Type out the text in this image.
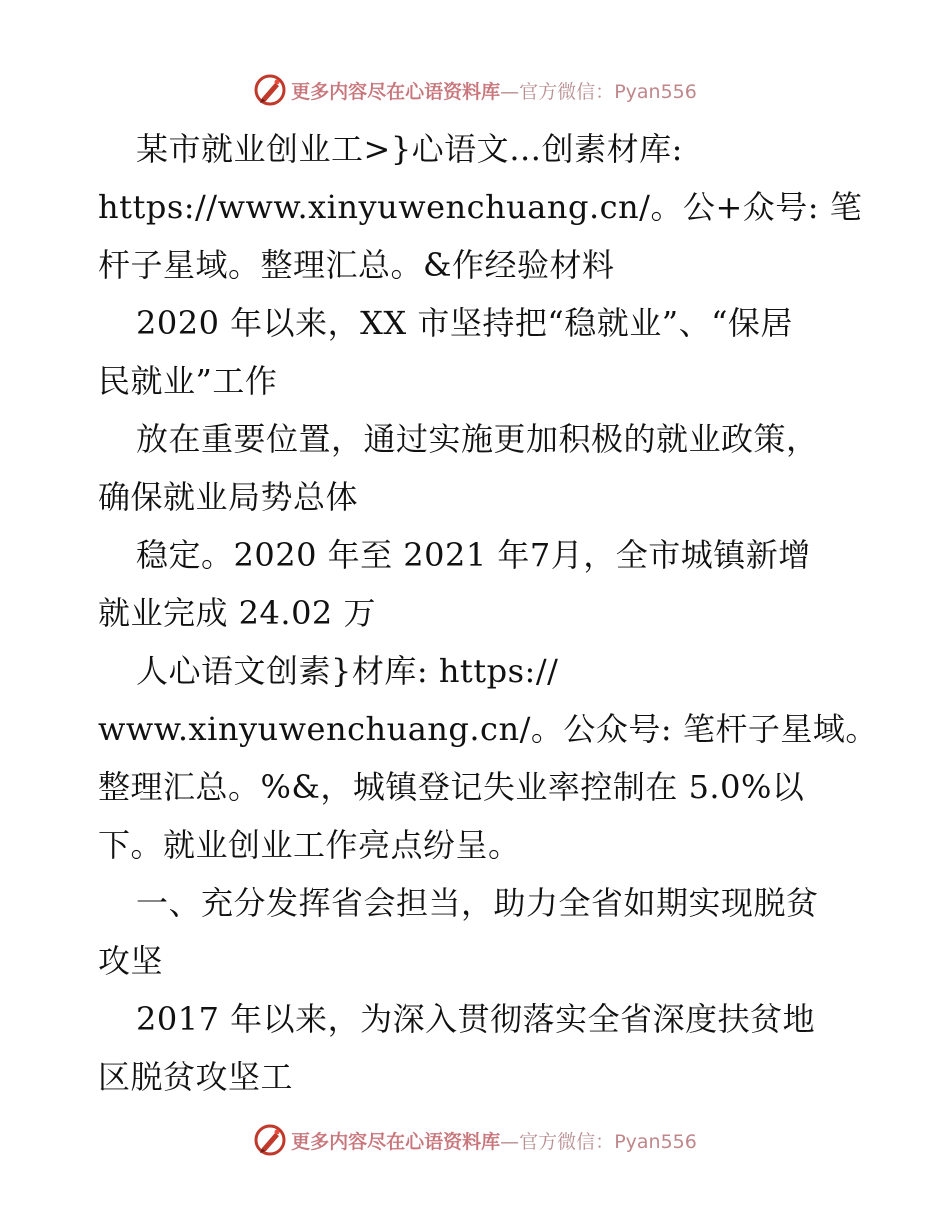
更多内容尽在心语资料库—官方微信：Pyan556
某市就业创业工>}心语文…创素材库:
https://www.xinyuwenchuang.cn/。公+众号: 笔
杆子星域。整理汇总。&作经验材料
2020 年以来，XX 市坚持把“稳就业”、“保居
民就业”工作
放在重要位置，通过实施更加积极的就业政策，
确保就业局势总体
稳定。2020 年至 2021 年7月，全市城镇新增
就业完成 24.02 万
人心语文创素}材库: https://
www.xinyuwenchuang.cn/。公众号: 笔杆子星域。
整理汇总。%&，城镇登记失业率控制在 5.0%以
下。就业创业工作亮点纷呈。
一、充分发挥省会担当，助力全省如期实现脱贫
攻坚
2017 年以来，为深入贯彻落实全省深度扶贫地
区脱贫攻坚工
更多内容尽在心语资料库—官方微信：Pyan556
